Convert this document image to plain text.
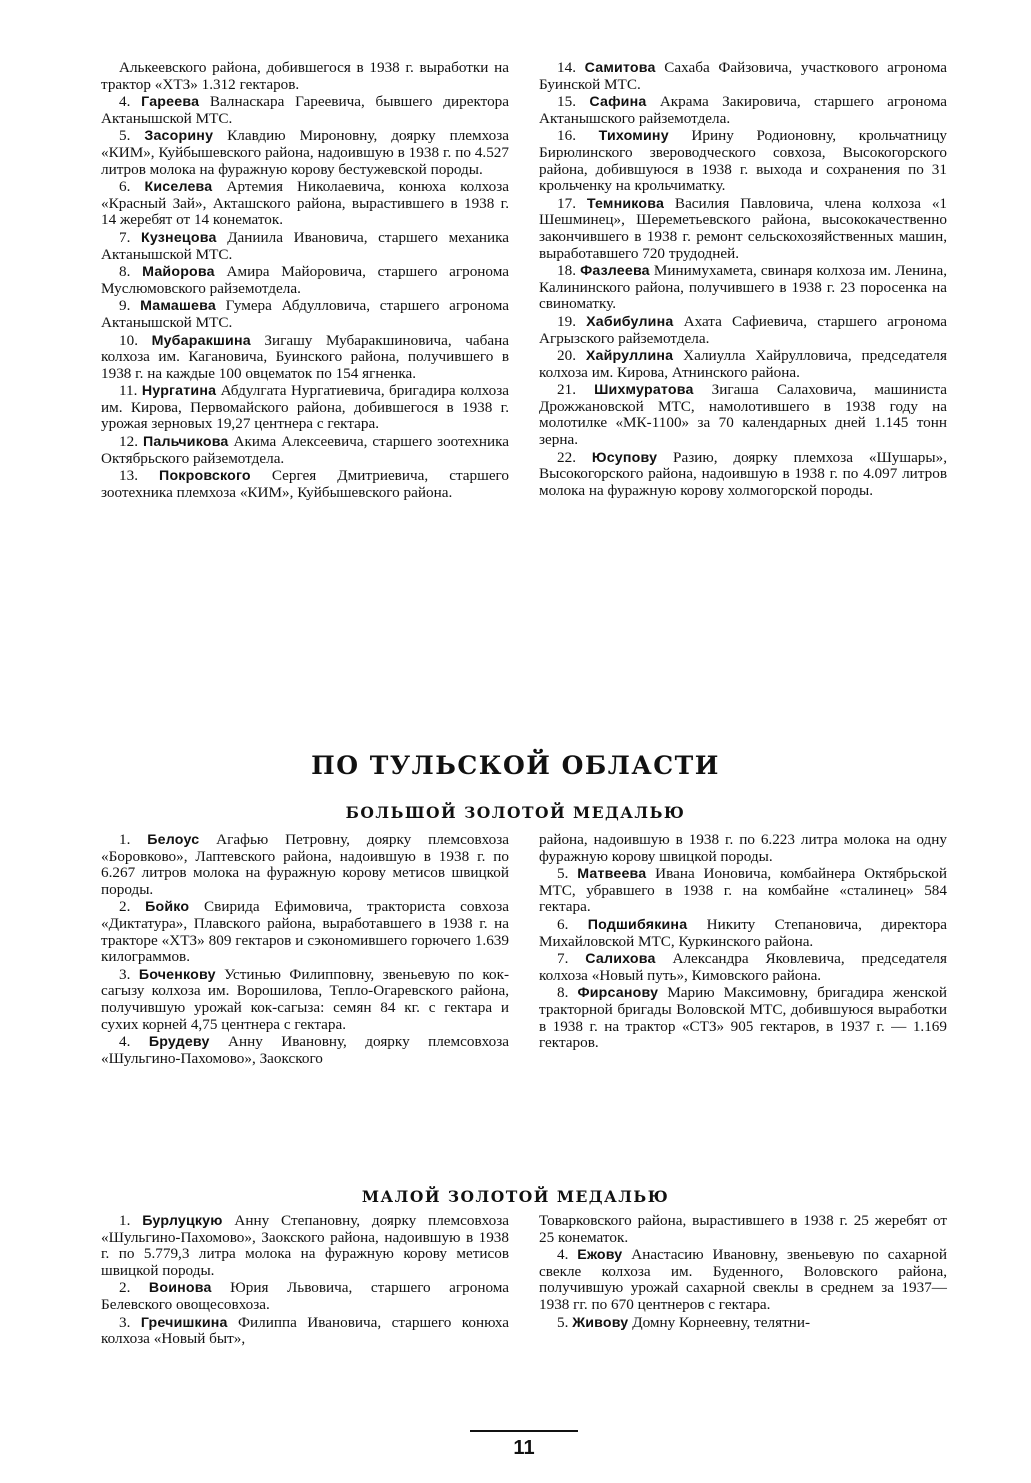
Алькеевского района, добившегося в 1938 г. выработки на трактор «ХТЗ» 1.312 гектаров.

4. Гареева Валнаскара Гареевича, бывшего директора Актанышской МТС.

5. Засорину Клавдию Мироновну, доярку племхоза «КИМ», Куйбышевского района, надоившую в 1938 г. по 4.527 литров молока на фуражную корову бестужевской породы.

6. Киселева Артемия Николаевича, конюха колхоза «Красный Зай», Акташского района, вырастившего в 1938 г. 14 жеребят от 14 конематок.

7. Кузнецова Даниила Ивановича, старшего механика Актанышской МТС.

8. Майорова Амира Майоровича, старшего агронома Муслюмовского райземотдела.

9. Мамашева Гумера Абдулловича, старшего агронома Актанышской МТС.

10. Мубаракшина Зигашу Мубаракшиновича, чабана колхоза им. Кагановича, Буинского района, получившего в 1938 г. на каждые 100 овцематок по 154 ягненка.

11. Нургатина Абдулгата Нургатиевича, бригадира колхоза им. Кирова, Первомайского района, добившегося в 1938 г. урожая зерновых 19,27 центнера с гектара.

12. Пальчикова Акима Алексеевича, старшего зоотехника Октябрьского райземотдела.

13. Покровского Сергея Дмитриевича, старшего зоотехника племхоза «КИМ», Куйбышевского района.

14. Самитова Сахаба Файзовича, участкового агронома Буинской МТС.

15. Сафина Акрама Закировича, старшего агронома Актанышского райземотдела.

16. Тихомину Ирину Родионовну, крольчатницу Бирюлинского звероводческого совхоза, Высокогорского района, добившуюся в 1938 г. выхода и сохранения по 31 крольченку на крольчиматку.

17. Темникова Василия Павловича, члена колхоза «1 Шешминец», Шереметьевского района, высококачественно закончившего в 1938 г. ремонт сельскохозяйственных машин, выработавшего 720 трудодней.

18. Фазлеева Минимухамета, свинаря колхоза им. Ленина, Калининского района, получившего в 1938 г. 23 поросенка на свиноматку.

19. Хабибулина Ахата Сафиевича, старшего агронома Агрызского райземотдела.

20. Хайруллина Халиулла Хайрулловича, председателя колхоза им. Кирова, Атнинского района.

21. Шихмуратова Зигаша Салаховича, машиниста Дрожжановской МТС, намолотившего в 1938 году на молотилке «МК-1100» за 70 календарных дней 1.145 тонн зерна.

22. Юсупову Разию, доярку племхоза «Шушары», Высокогорского района, надоившую в 1938 г. по 4.097 литров молока на фуражную корову холмогорской породы.

ПО ТУЛЬСКОЙ ОБЛАСТИ
БОЛЬШОЙ ЗОЛОТОЙ МЕДАЛЬЮ

1. Белоус Агафью Петровну, доярку племсовхоза «Боровково», Лаптевского района, надоившую в 1938 г. по 6.267 литров молока на фуражную корову метисов швицкой породы.

2. Бойко Свирида Ефимовича, тракториста совхоза «Диктатура», Плавского района, выработавшего в 1938 г. на тракторе «ХТЗ» 809 гектаров и сэкономившего горючего 1.639 килограммов.

3. Боченкову Устинью Филипповну, звеньевую по кок-сагызу колхоза им. Ворошилова, Тепло-Огаревского района, получившую урожай кок-сагыза: семян 84 кг. с гектара и сухих корней 4,75 центнера с гектара.

4. Брудеву Анну Ивановну, доярку племсовхоза «Шульгино-Пахомово», Заокского

района, надоившую в 1938 г. по 6.223 литра молока на одну фуражную корову швицкой породы.

5. Матвеева Ивана Ионовича, комбайнера Октябрьской МТС, убравшего в 1938 г. на комбайне «сталинец» 584 гектара.

6. Подшибякина Никиту Степановича, директора Михайловской МТС, Куркинского района.

7. Салихова Александра Яковлевича, председателя колхоза «Новый путь», Кимовского района.

8. Фирсанову Марию Максимовну, бригадира женской тракторной бригады Воловской МТС, добившуюся выработки в 1938 г. на трактор «СТЗ» 905 гектаров, в 1937 г. — 1.169 гектаров.

МАЛОЙ ЗОЛОТОЙ МЕДАЛЬЮ

1. Бурлуцкую Анну Степановну, доярку племсовхоза «Шульгино-Пахомово», Заокского района, надоившую в 1938 г. по 5.779,3 литра молока на фуражную корову метисов швицкой породы.

2. Воинова Юрия Львовича, старшего агронома Белевского овощесовхоза.

3. Гречишкина Филиппа Ивановича, старшего конюха колхоза «Новый быт»,

Товарковского района, вырастившего в 1938 г. 25 жеребят от 25 конематок.

4. Ежову Анастасию Ивановну, звеньевую по сахарной свекле колхоза им. Буденного, Воловского района, получившую урожай сахарной свеклы в среднем за 1937—1938 гг. по 670 центнеров с гектара.

5. Живову Домну Корнеевну, телятни-

11
